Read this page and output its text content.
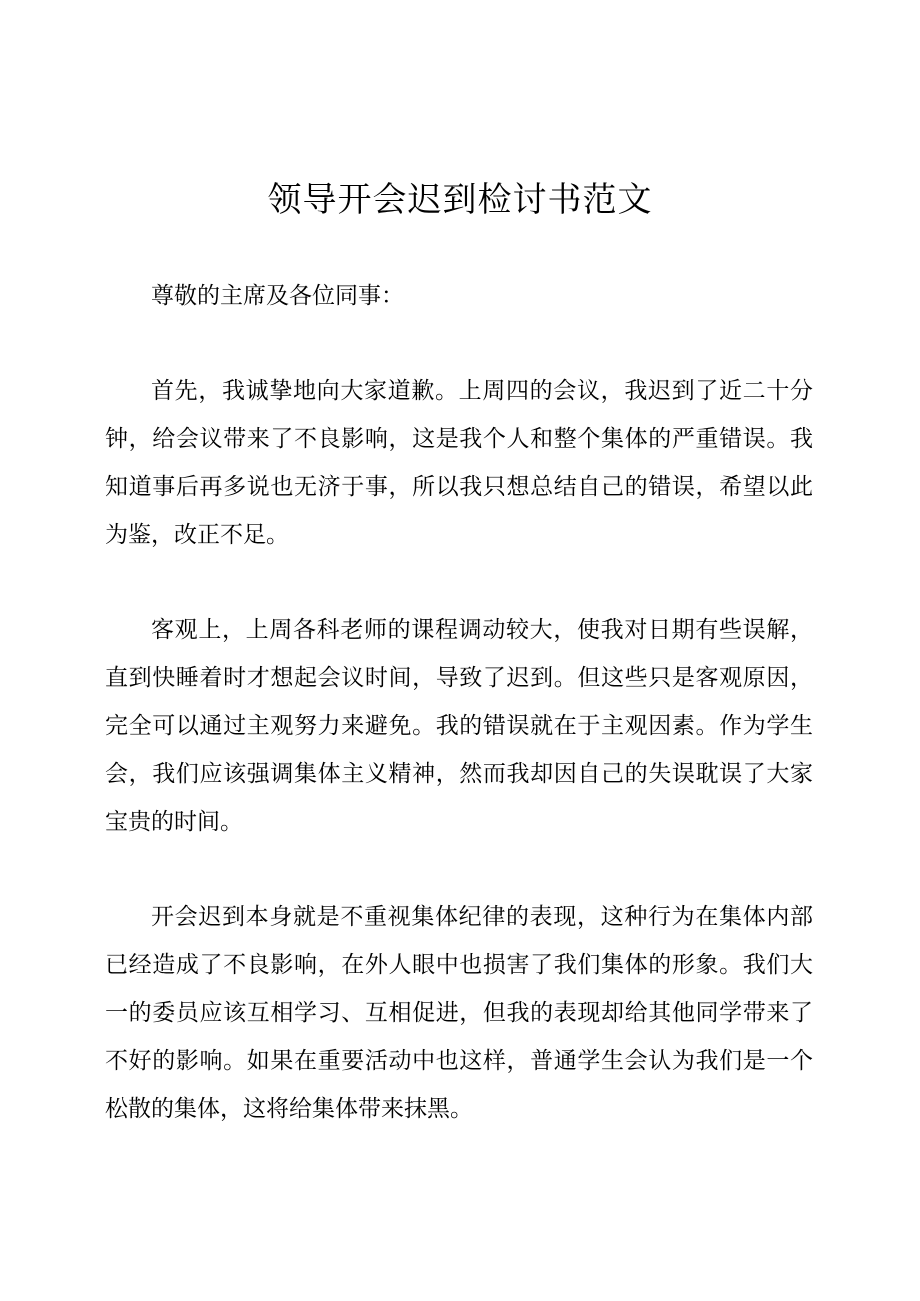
领导开会迟到检讨书范文

尊敬的主席及各位同事：

首先，我诚挚地向大家道歉。上周四的会议，我迟到了近二十分钟，给会议带来了不良影响，这是我个人和整个集体的严重错误。我知道事后再多说也无济于事，所以我只想总结自己的错误，希望以此为鉴，改正不足。

客观上，上周各科老师的课程调动较大，使我对日期有些误解，直到快睡着时才想起会议时间，导致了迟到。但这些只是客观原因，完全可以通过主观努力来避免。我的错误就在于主观因素。作为学生会，我们应该强调集体主义精神，然而我却因自己的失误耽误了大家宝贵的时间。

开会迟到本身就是不重视集体纪律的表现，这种行为在集体内部已经造成了不良影响，在外人眼中也损害了我们集体的形象。我们大一的委员应该互相学习、互相促进，但我的表现却给其他同学带来了不好的影响。如果在重要活动中也这样，普通学生会认为我们是一个松散的集体，这将给集体带来抹黑。
